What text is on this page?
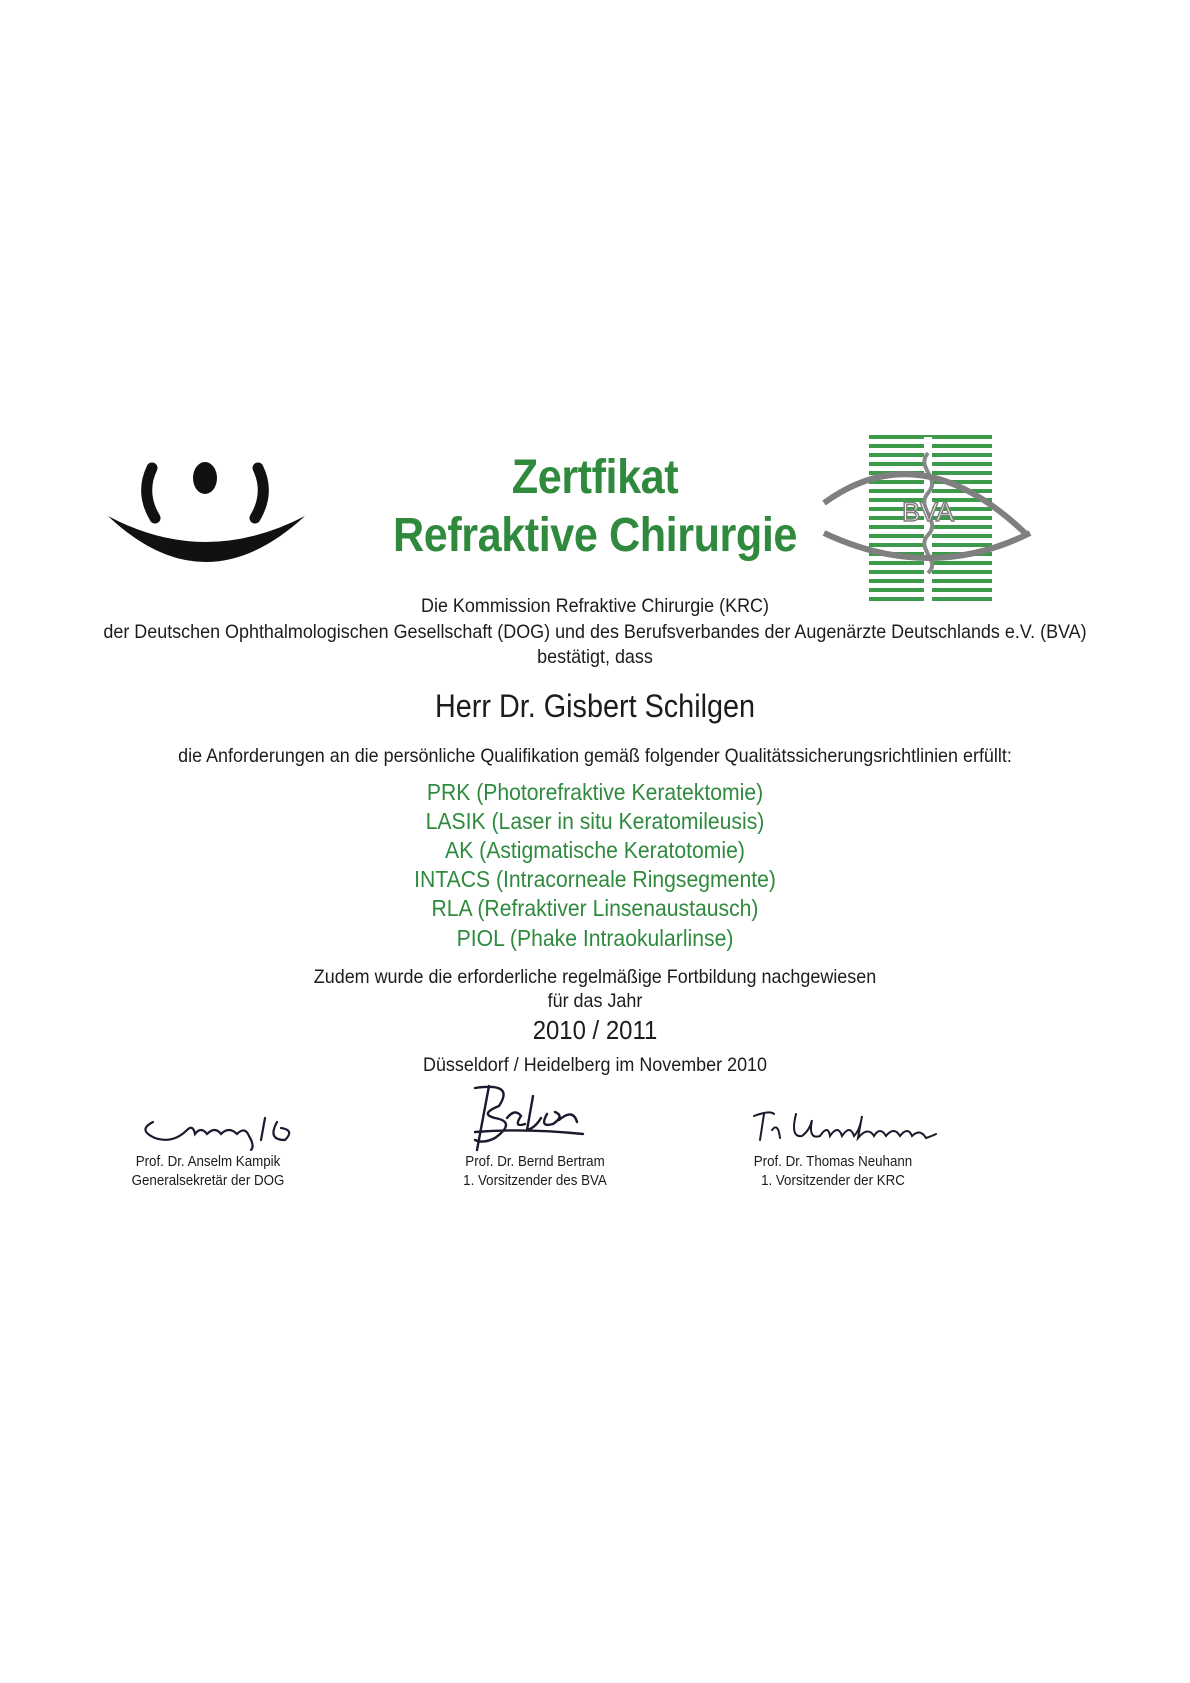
BVA
Zertfikat
Refraktive Chirurgie
Die Kommission Refraktive Chirurgie (KRC)
der Deutschen Ophthalmologischen Gesellschaft (DOG) und des Berufsverbandes der Augenärzte Deutschlands e.V. (BVA)
bestätigt, dass
Herr Dr. Gisbert Schilgen
die Anforderungen an die persönliche Qualifikation gemäß folgender Qualitätssicherungsrichtlinien erfüllt:
PRK (Photorefraktive Keratektomie)
LASIK (Laser in situ Keratomileusis)
AK (Astigmatische Keratotomie)
INTACS (Intracorneale Ringsegmente)
RLA (Refraktiver Linsenaustausch)
PIOL (Phake Intraokularlinse)
Zudem wurde die erforderliche regelmäßige Fortbildung nachgewiesen
für das Jahr
2010 / 2011
Düsseldorf / Heidelberg im November 2010
Prof. Dr. Anselm Kampik
Generalsekretär der DOG
Prof. Dr. Bernd Bertram
1. Vorsitzender des BVA
Prof. Dr. Thomas Neuhann
1. Vorsitzender der KRC
